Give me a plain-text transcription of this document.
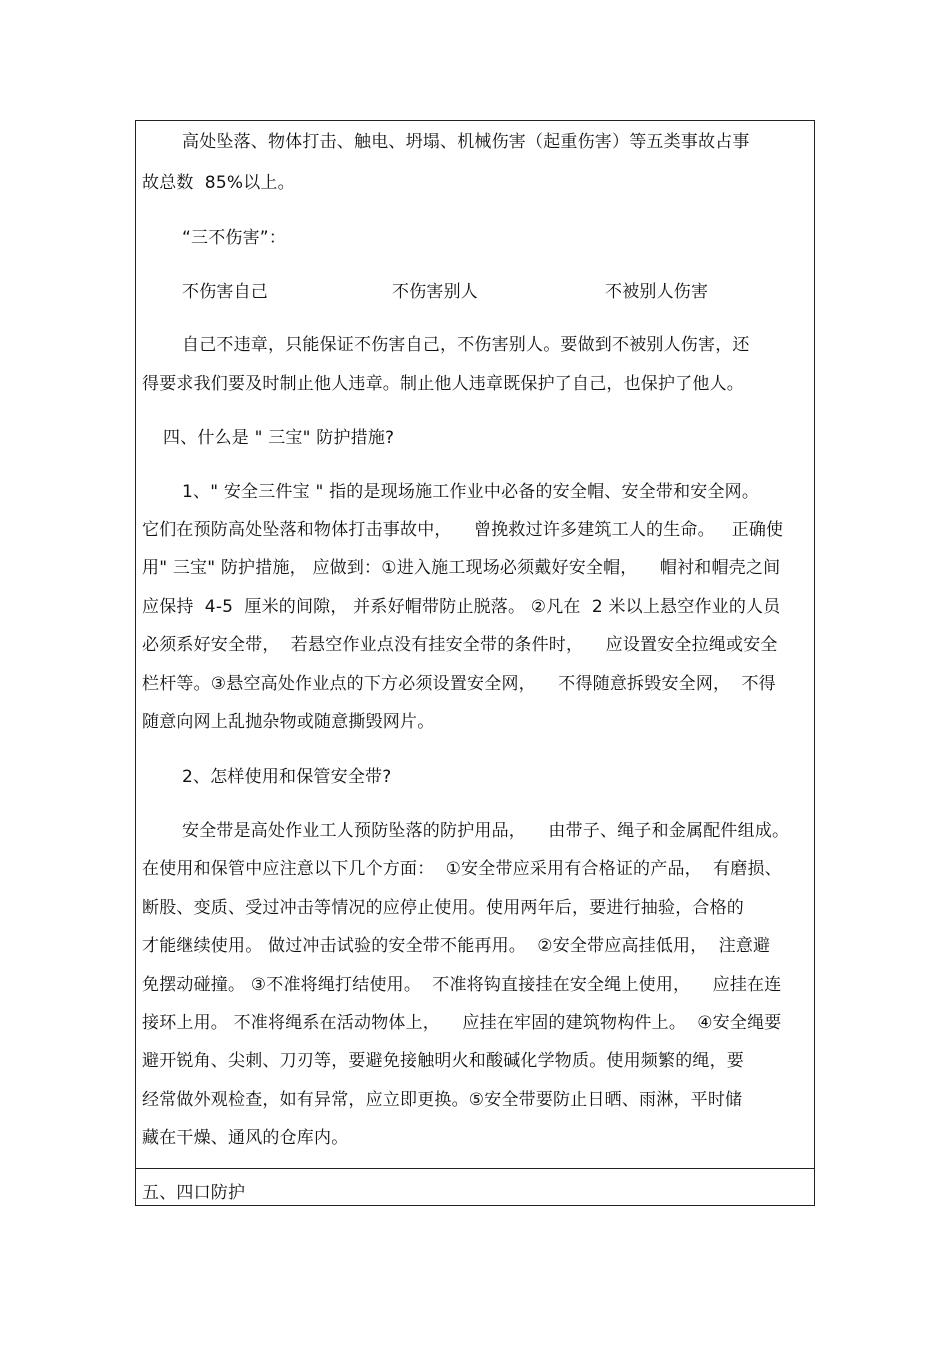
高处坠落、物体打击、触电、坍塌、机械伤害（起重伤害）等五类事故占事
故总数  85%以上。
“三不伤害”：
不伤害自己	不伤害别人	不被别人伤害
自己不违章，只能保证不伤害自己，不伤害别人。要做到不被别人伤害，还
得要求我们要及时制止他人违章。制止他人违章既保护了自己，也保护了他人。
四、什么是 " 三宝" 防护措施?
1、" 安全三件宝 " 指的是现场施工作业中必备的安全帽、安全带和安全网。
它们在预防高处坠落和物体打击事故中，    曾挽救过许多建筑工人的生命。   正确使
用" 三宝" 防护措施， 应做到：①进入施工现场必须戴好安全帽，    帽衬和帽壳之间
应保持  4-5  厘米的间隙， 并系好帽带防止脱落。 ②凡在  2 米以上悬空作业的人员
必须系好安全带，  若悬空作业点没有挂安全带的条件时，    应设置安全拉绳或安全
栏杆等。③悬空高处作业点的下方必须设置安全网，    不得随意拆毁安全网，  不得
随意向网上乱抛杂物或随意撕毁网片。
2、怎样使用和保管安全带?
安全带是高处作业工人预防坠落的防护用品，    由带子、绳子和金属配件组成。
在使用和保管中应注意以下几个方面：  ①安全带应采用有合格证的产品，  有磨损、
断股、变质、受过冲击等情况的应停止使用。使用两年后，要进行抽验，合格的
才能继续使用。 做过冲击试验的安全带不能再用。  ②安全带应高挂低用，  注意避
免摆动碰撞。 ③不准将绳打结使用。  不准将钩直接挂在安全绳上使用，    应挂在连
接环上用。 不准将绳系在活动物体上，    应挂在牢固的建筑物构件上。  ④安全绳要
避开锐角、尖刺、刀刃等，要避免接触明火和酸碱化学物质。使用频繁的绳，要
经常做外观检查，如有异常，应立即更换。⑤安全带要防止日晒、雨淋，平时储
藏在干燥、通风的仓库内。
五、四口防护
